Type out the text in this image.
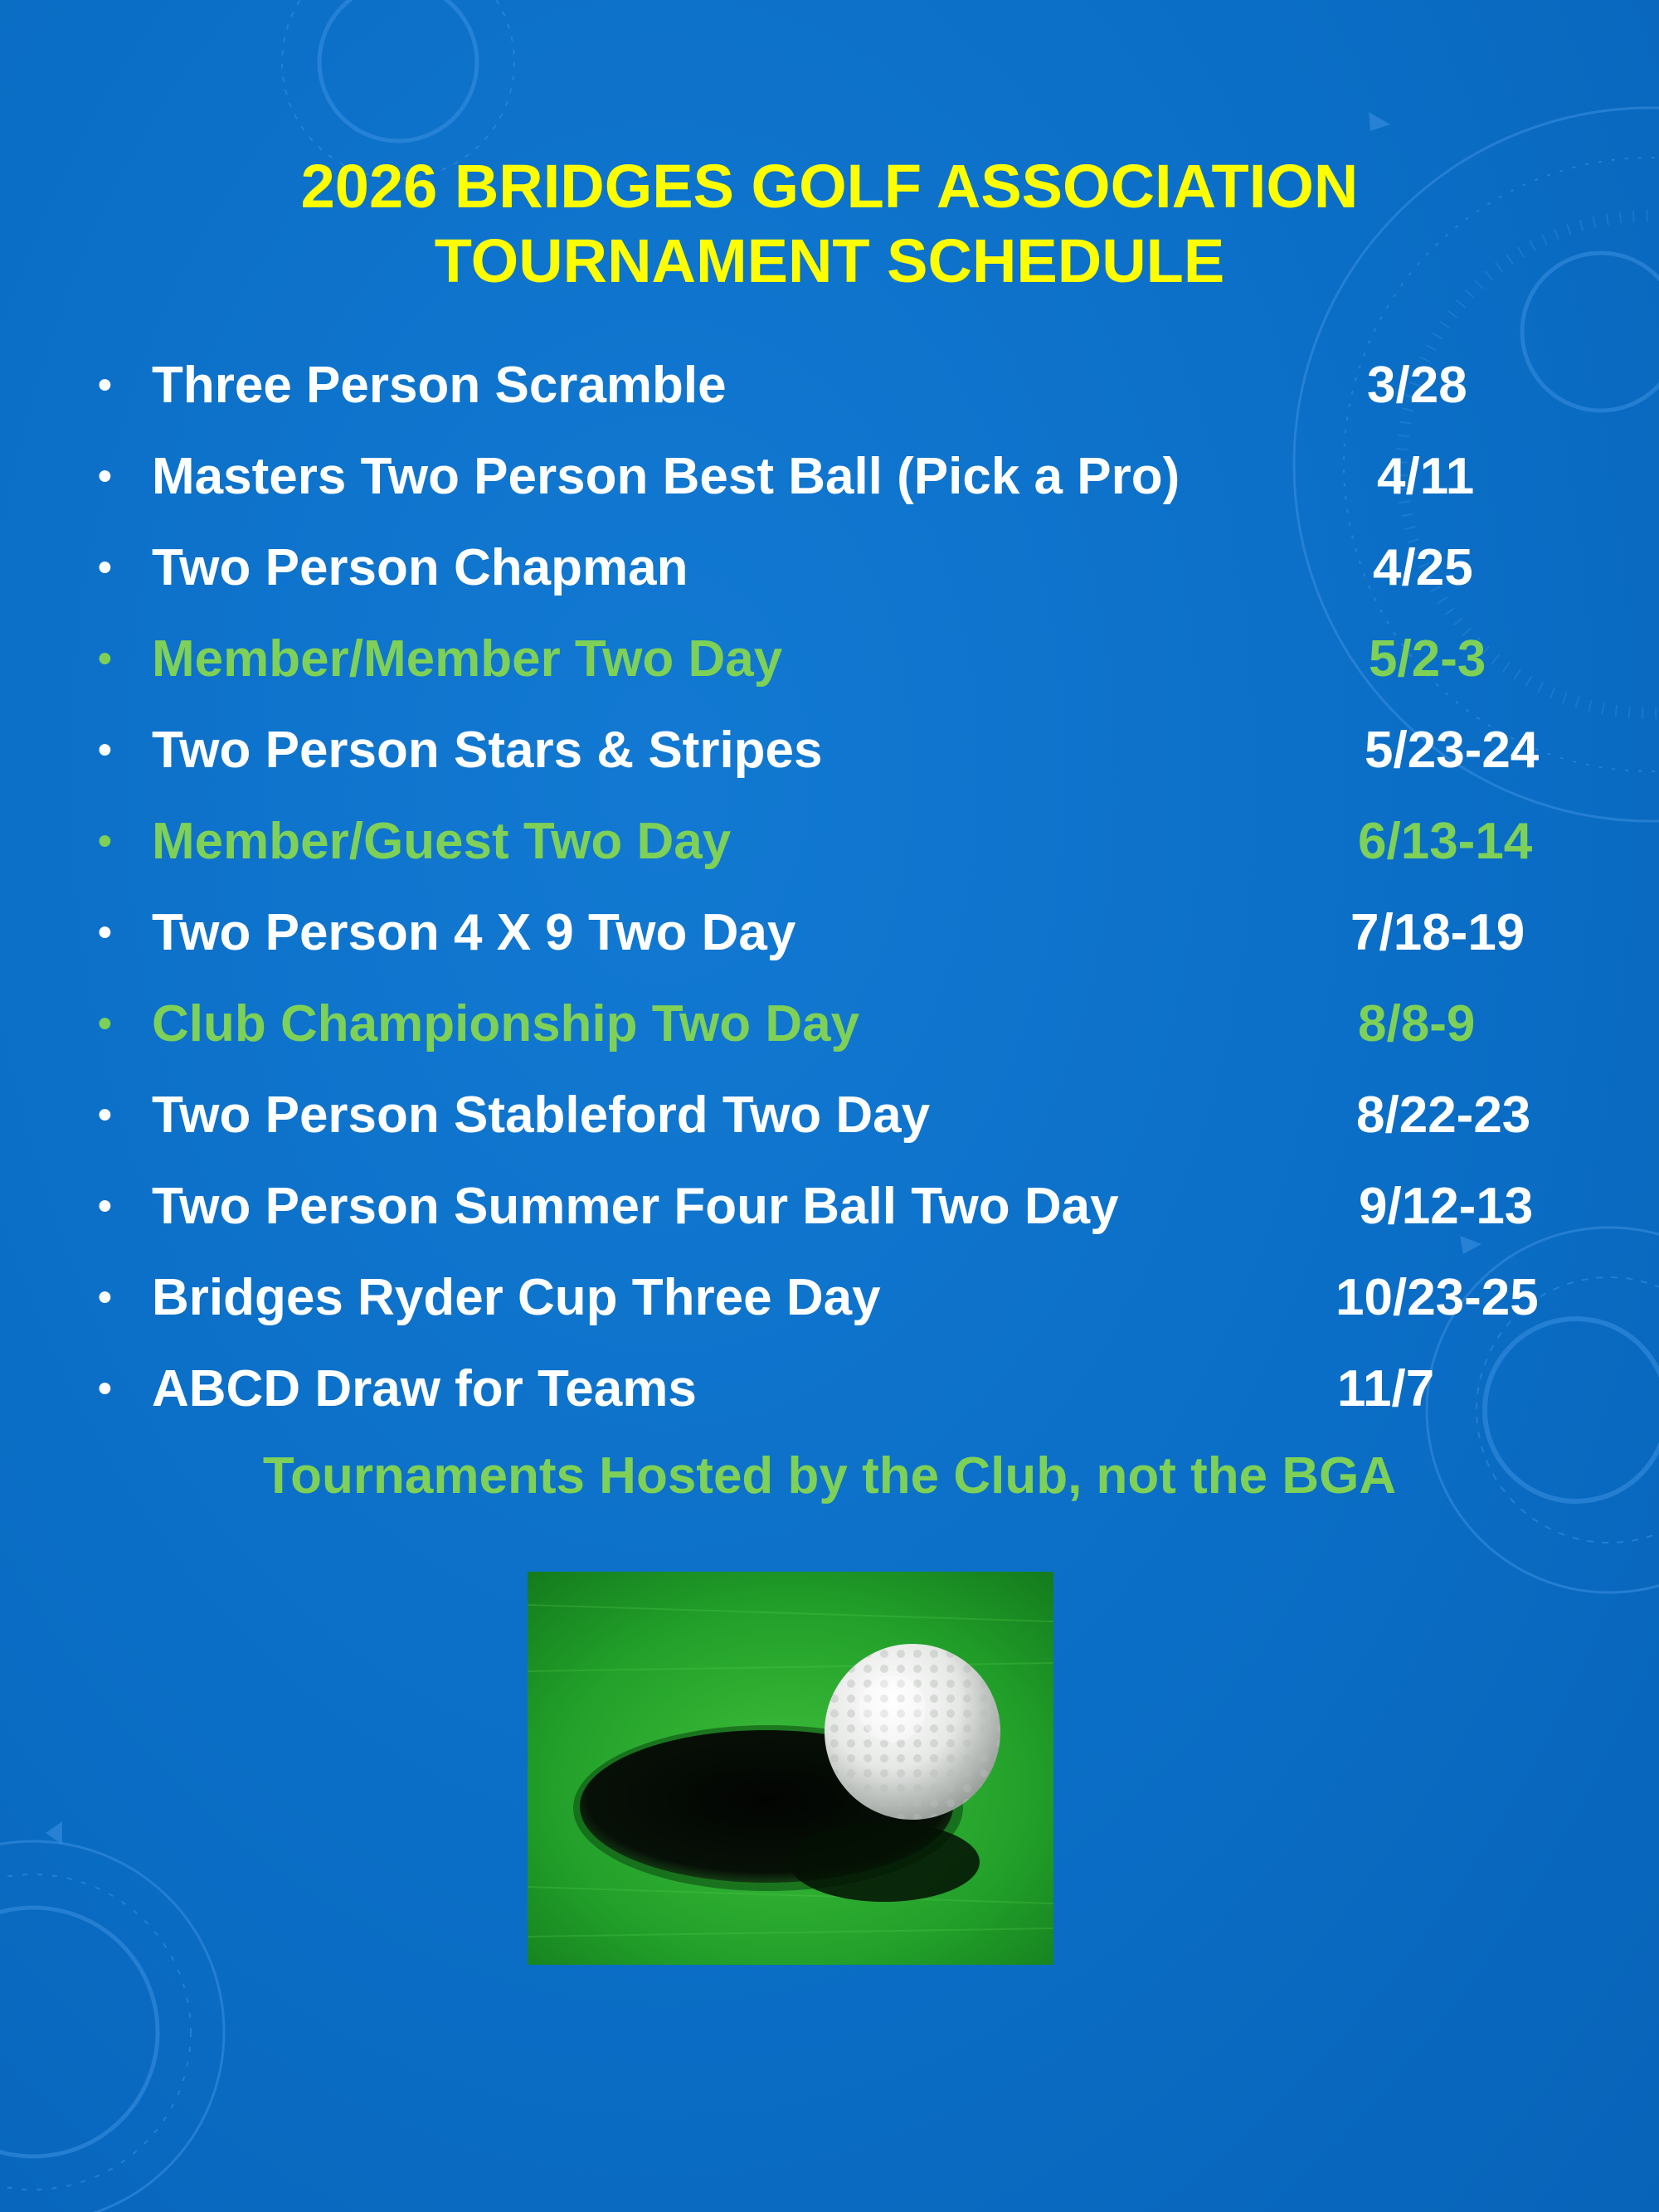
2026 BRIDGES GOLF ASSOCIATION
TOURNAMENT SCHEDULE
• Three Person Scramble	3/28
• Masters Two Person Best Ball (Pick a Pro)	4/11
• Two Person Chapman	4/25
• Member/Member Two Day	5/2-3
• Two Person Stars & Stripes	5/23-24
• Member/Guest Two Day	6/13-14
• Two Person 4 X 9 Two Day	7/18-19
• Club Championship Two Day	8/8-9
• Two Person Stableford Two Day	8/22-23
• Two Person Summer Four Ball Two Day	9/12-13
• Bridges Ryder Cup Three Day	10/23-25
• ABCD Draw for Teams	11/7
Tournaments Hosted by the Club, not the BGA
